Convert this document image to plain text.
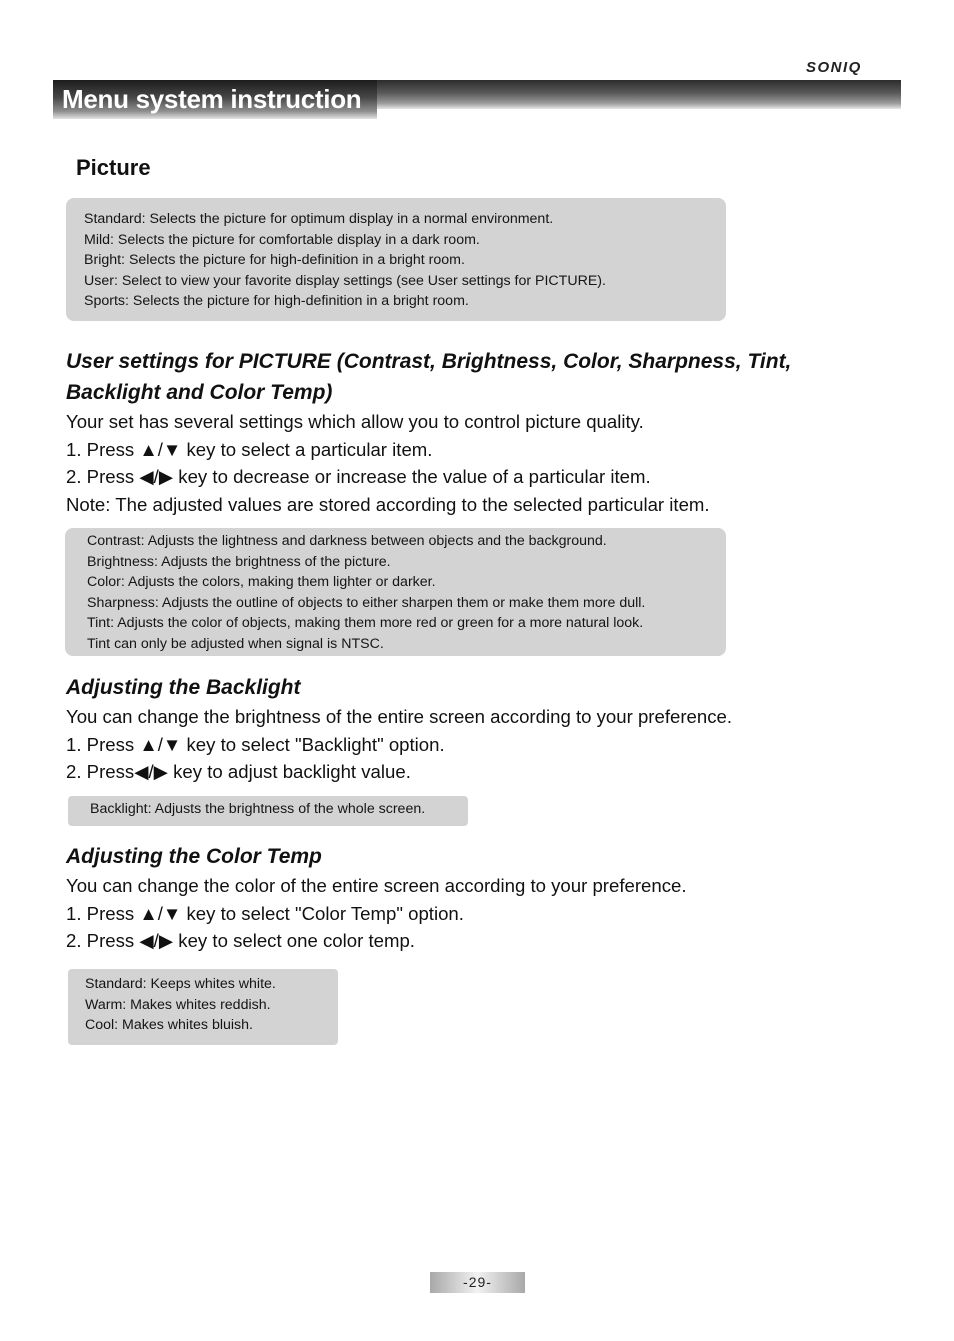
SONIQ
Menu system instruction
Picture
Standard: Selects the picture for optimum display in a normal environment.
Mild: Selects the picture for comfortable display in a dark room.
Bright: Selects the picture for high-definition in a bright room.
User: Select to view your favorite display settings (see User settings for PICTURE).
Sports: Selects the picture for high-definition in a bright room.
User settings for PICTURE (Contrast, Brightness, Color, Sharpness, Tint,
Backlight and Color Temp)
Your set has several settings which allow you to control picture quality.
1. Press ▲/▼ key to select a particular item.
2. Press ◀/▶ key to decrease or increase the value of a particular item.
Note: The adjusted values are stored according to the selected particular item.
Contrast: Adjusts the lightness and darkness between objects and the background.
Brightness: Adjusts the brightness of the picture.
Color: Adjusts the colors, making them lighter or darker.
Sharpness: Adjusts the outline of objects to either sharpen them or make them more dull.
Tint: Adjusts the color of objects, making them more red or green for a more natural look.
Tint can only be adjusted when signal is NTSC.
Adjusting the Backlight
You can change the brightness of the entire screen according to your preference.
1. Press ▲/▼ key to select "Backlight" option.
2. Press◀/▶ key to adjust backlight value.
Backlight: Adjusts the brightness of the whole screen.
Adjusting the Color Temp
You can change the color of the entire screen according to your preference.
1. Press ▲/▼ key to select "Color Temp" option.
2. Press ◀/▶ key to select one color temp.
Standard: Keeps whites white.
Warm: Makes whites reddish.
Cool: Makes whites bluish.
-29-
